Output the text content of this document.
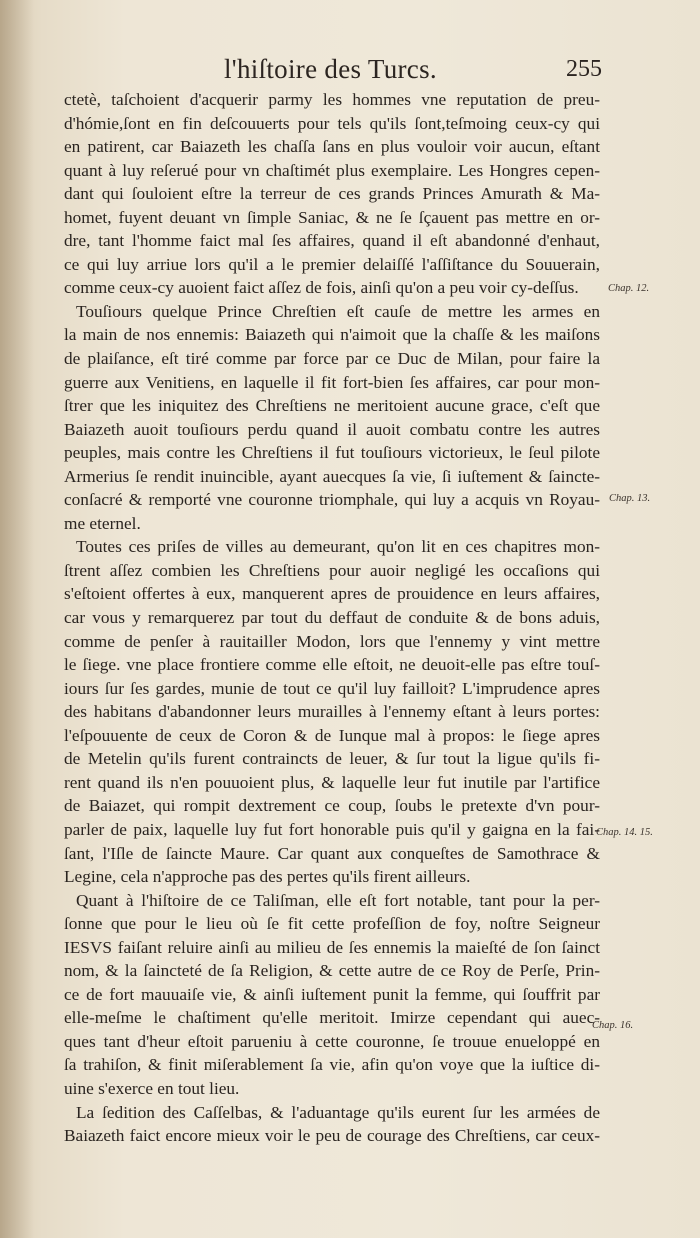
l'hiſtoire des Turcs.	255
ctetè, taſchoient d'acquerir parmy les hommes vne reputation de preu-
d'hómie,ſont en fin deſcouuerts pour tels qu'ils ſont,teſmoing ceux-cy qui
en patirent, car Baiazeth les chaſſa ſans en plus vouloir voir aucun, eſtant
quant à luy reſerué pour vn chaſtimét plus exemplaire. Les Hongres cepen-
dant qui ſouloient eſtre la terreur de ces grands Princes Amurath & Ma-
homet, fuyent deuant vn ſimple Saniac, & ne ſe ſçauent pas mettre en or-
dre, tant l'homme faict mal ſes affaires, quand il eſt abandonné d'enhaut,
ce qui luy arriue lors qu'il a le premier delaiſſé l'aſſiſtance du Souuerain,
comme ceux-cy auoient faict aſſez de fois, ainſi qu'on a peu voir cy-deſſus.
Touſiours quelque Prince Chreſtien eſt cauſe de mettre les armes en
la main de nos ennemis: Baiazeth qui n'aimoit que la chaſſe & les maiſons
de plaiſance, eſt tiré comme par force par ce Duc de Milan, pour faire la
guerre aux Venitiens, en laquelle il fit fort-bien ſes affaires, car pour mon-
ſtrer que les iniquitez des Chreſtiens ne meritoient aucune grace, c'eſt que
Baiazeth auoit touſiours perdu quand il auoit combatu contre les autres
peuples, mais contre les Chreſtiens il fut touſiours victorieux, le ſeul pilote
Armerius ſe rendit inuincible, ayant auecques ſa vie, ſi iuſtement & ſaincte-
conſacré & remporté vne couronne triomphale, qui luy a acquis vn Royau-
me eternel.
Toutes ces priſes de villes au demeurant, qu'on lit en ces chapitres mon-
ſtrent aſſez combien les Chreſtiens pour auoir negligé les occaſions qui
s'eſtoient offertes à eux, manquerent apres de prouidence en leurs affaires,
car vous y remarquerez par tout du deffaut de conduite & de bons aduis,
comme de penſer à rauitailler Modon, lors que l'ennemy y vint mettre
le ſiege. vne place frontiere comme elle eſtoit, ne deuoit-elle pas eſtre touſ-
iours ſur ſes gardes, munie de tout ce qu'il luy failloit? L'imprudence apres
des habitans d'abandonner leurs murailles à l'ennemy eſtant à leurs portes:
l'eſpouuente de ceux de Coron & de Iunque mal à propos: le ſiege apres
de Metelin qu'ils furent contraincts de leuer, & ſur tout la ligue qu'ils fi-
rent quand ils n'en pouuoient plus, & laquelle leur fut inutile par l'artifice
de Baiazet, qui rompit dextrement ce coup, ſoubs le pretexte d'vn pour-
parler de paix, laquelle luy fut fort honorable puis qu'il y gaigna en la fai-
ſant, l'Iſle de ſaincte Maure. Car quant aux conqueſtes de Samothrace &
Legine, cela n'approche pas des pertes qu'ils firent ailleurs.
Quant à l'hiſtoire de ce Taliſman, elle eſt fort notable, tant pour la per-
ſonne que pour le lieu où ſe fit cette profeſſion de foy, noſtre Seigneur
IESVS faiſant reluire ainſi au milieu de ſes ennemis la maieſté de ſon ſainct
nom, & la ſaincteté de ſa Religion, & cette autre de ce Roy de Perſe, Prin-
ce de fort mauuaiſe vie, & ainſi iuſtement punit la femme, qui ſouffrit par
elle-meſme le chaſtiment qu'elle meritoit. Imirze cependant qui auec-
ques tant d'heur eſtoit parueniu à cette couronne, ſe trouue enueloppé en
ſa trahiſon, & finit miſerablement ſa vie, afin qu'on voye que la iuſtice di-
uine s'exerce en tout lieu.
La ſedition des Caſſelbas, & l'aduantage qu'ils eurent ſur les armées de
Baiazeth faict encore mieux voir le peu de courage des Chreſtiens, car ceux-
Chap. 12.
Chap. 13.
Chap. 14. 15.
Chap. 16.
